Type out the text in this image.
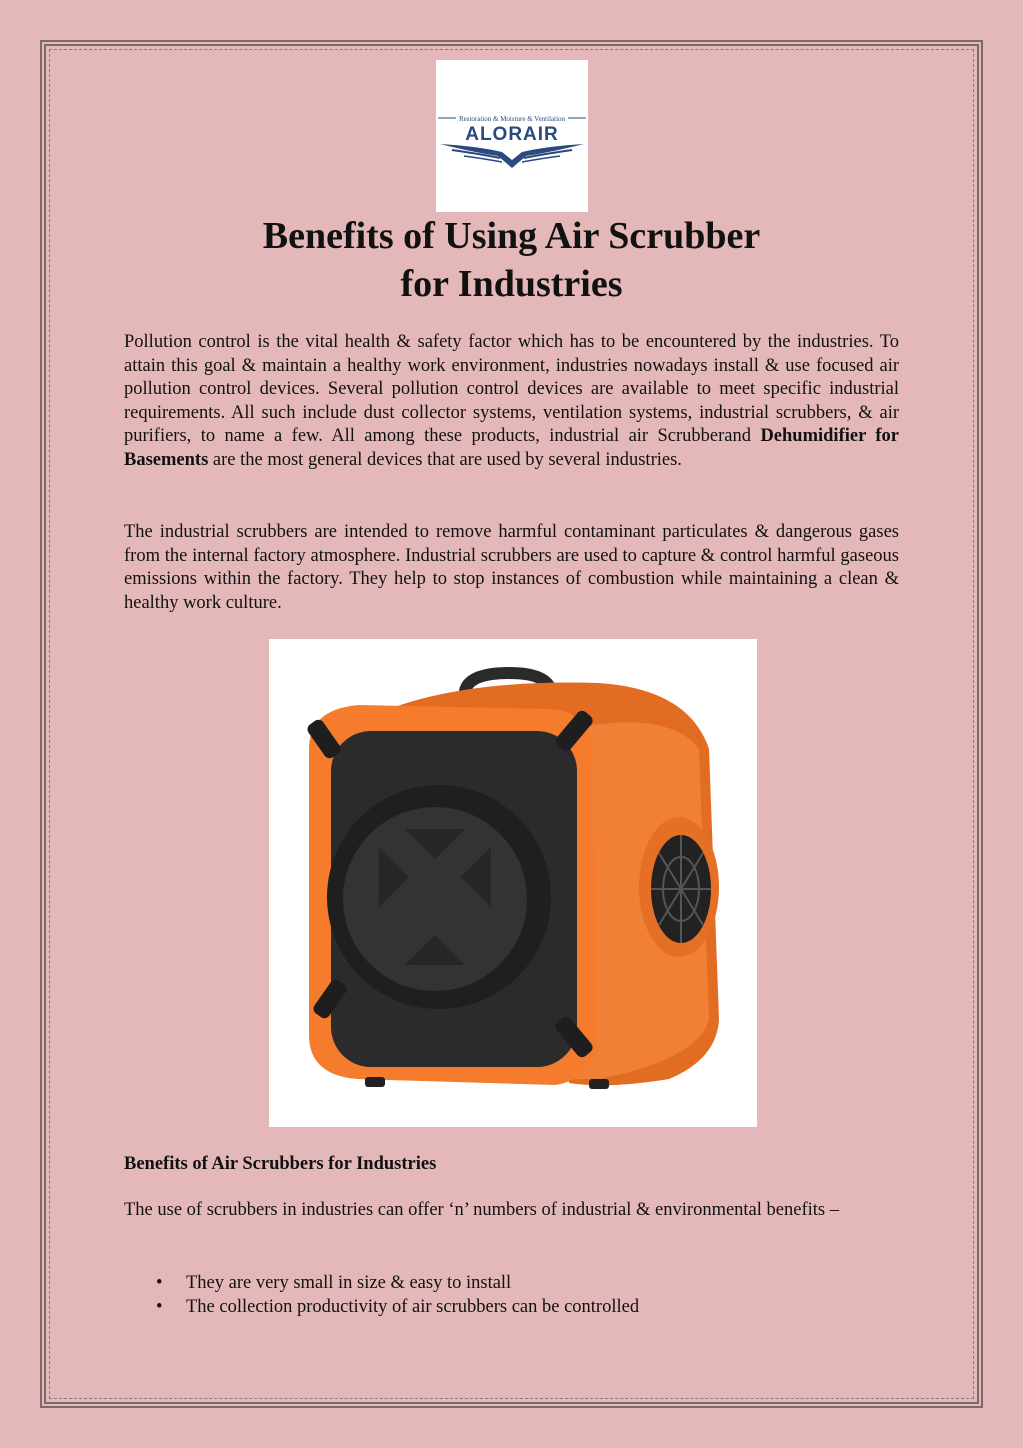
Restoration & Moisture & Ventilation
ALORAIR
Benefits of Using Air Scrubber
for Industries

Pollution control is the vital health & safety factor which has to be encountered by the industries. To attain this goal & maintain a healthy work environment, industries nowadays install & use focused air pollution control devices. Several pollution control devices are available to meet specific industrial requirements. All such include dust collector systems, ventilation systems, industrial scrubbers, & air purifiers, to name a few. All among these products, industrial air Scrubberand Dehumidifier for Basements are the most general devices that are used by several industries.

The industrial scrubbers are intended to remove harmful contaminant particulates & dangerous gases from the internal factory atmosphere. Industrial scrubbers are used to capture & control harmful gaseous emissions within the factory. They help to stop instances of combustion while maintaining a clean & healthy work culture.

Benefits of Air Scrubbers for Industries

The use of scrubbers in industries can offer ‘n’ numbers of industrial & environmental benefits –

• They are very small in size & easy to install
• The collection productivity of air scrubbers can be controlled
